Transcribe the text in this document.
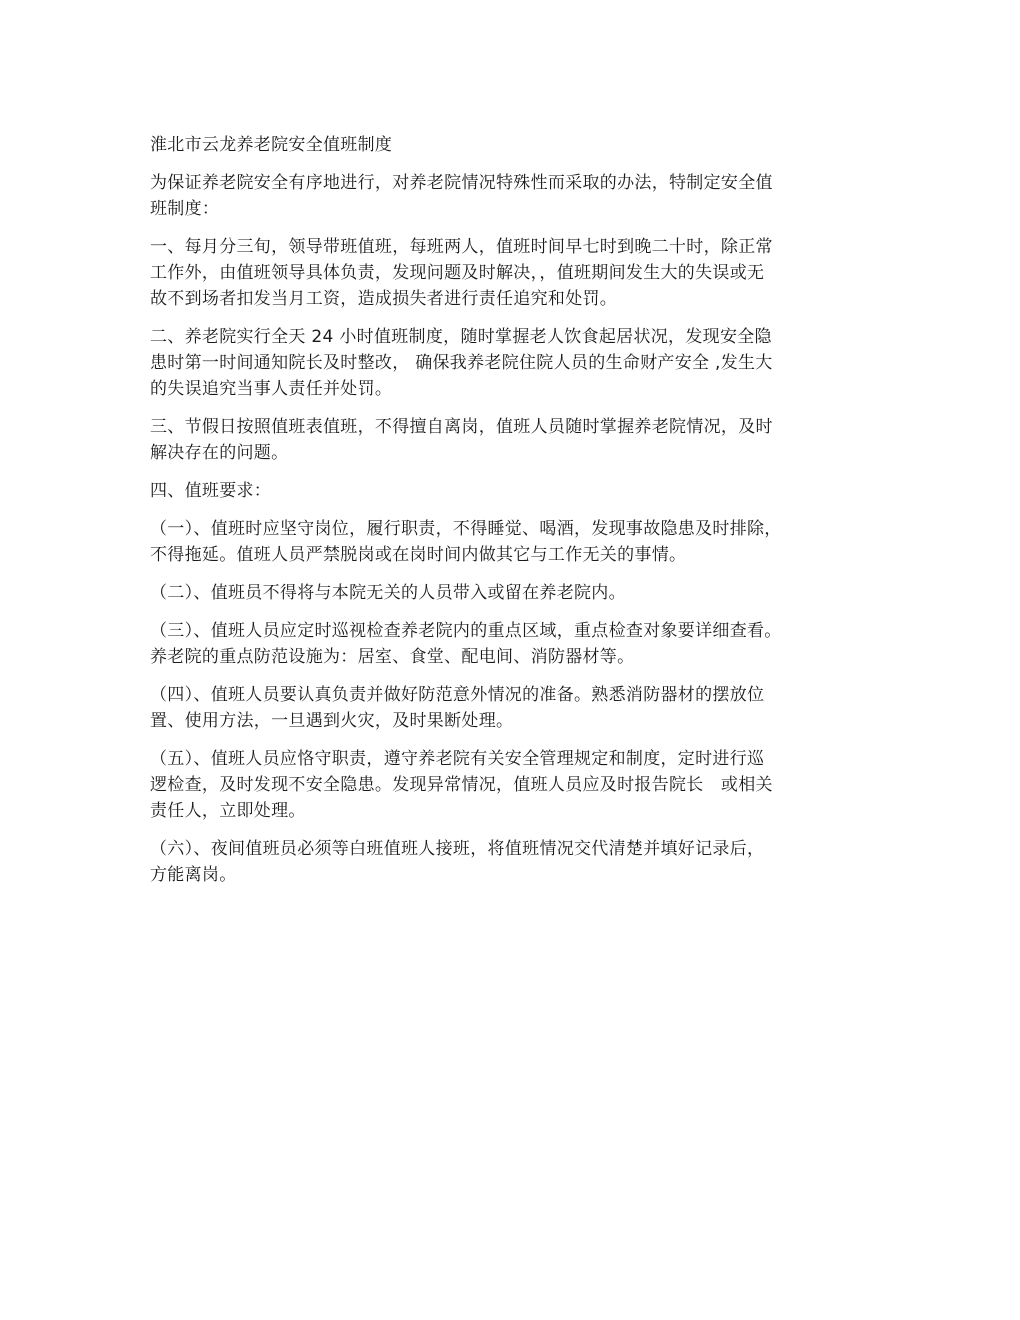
淮北市云龙养老院安全值班制度

为保证养老院安全有序地进行，对养老院情况特殊性而采取的办法，特制定安全值
班制度：

一、每月分三旬，领导带班值班，每班两人，值班时间早七时到晚二十时，除正常
工作外，由值班领导具体负责，发现问题及时解决，，值班期间发生大的失误或无
故不到场者扣发当月工资，造成损失者进行责任追究和处罚。

二、养老院实行全天 24 小时值班制度，随时掌握老人饮食起居状况，发现安全隐
患时第一时间通知院长及时整改， 确保我养老院住院人员的生命财产安全 ,发生大
的失误追究当事人责任并处罚。

三、节假日按照值班表值班，不得擅自离岗，值班人员随时掌握养老院情况，及时
解决存在的问题。

四、值班要求：

（一）、值班时应坚守岗位，履行职责，不得睡觉、喝酒，发现事故隐患及时排除，
不得拖延。值班人员严禁脱岗或在岗时间内做其它与工作无关的事情。

（二）、值班员不得将与本院无关的人员带入或留在养老院内。

（三）、值班人员应定时巡视检查养老院内的重点区域，重点检查对象要详细查看。
养老院的重点防范设施为：居室、食堂、配电间、消防器材等。

（四）、值班人员要认真负责并做好防范意外情况的准备。熟悉消防器材的摆放位
置、使用方法，一旦遇到火灾，及时果断处理。

（五）、值班人员应恪守职责，遵守养老院有关安全管理规定和制度，定时进行巡
逻检查，及时发现不安全隐患。发现异常情况，值班人员应及时报告院长　或相关
责任人，立即处理。

（六）、夜间值班员必须等白班值班人接班，将值班情况交代清楚并填好记录后，
方能离岗。
